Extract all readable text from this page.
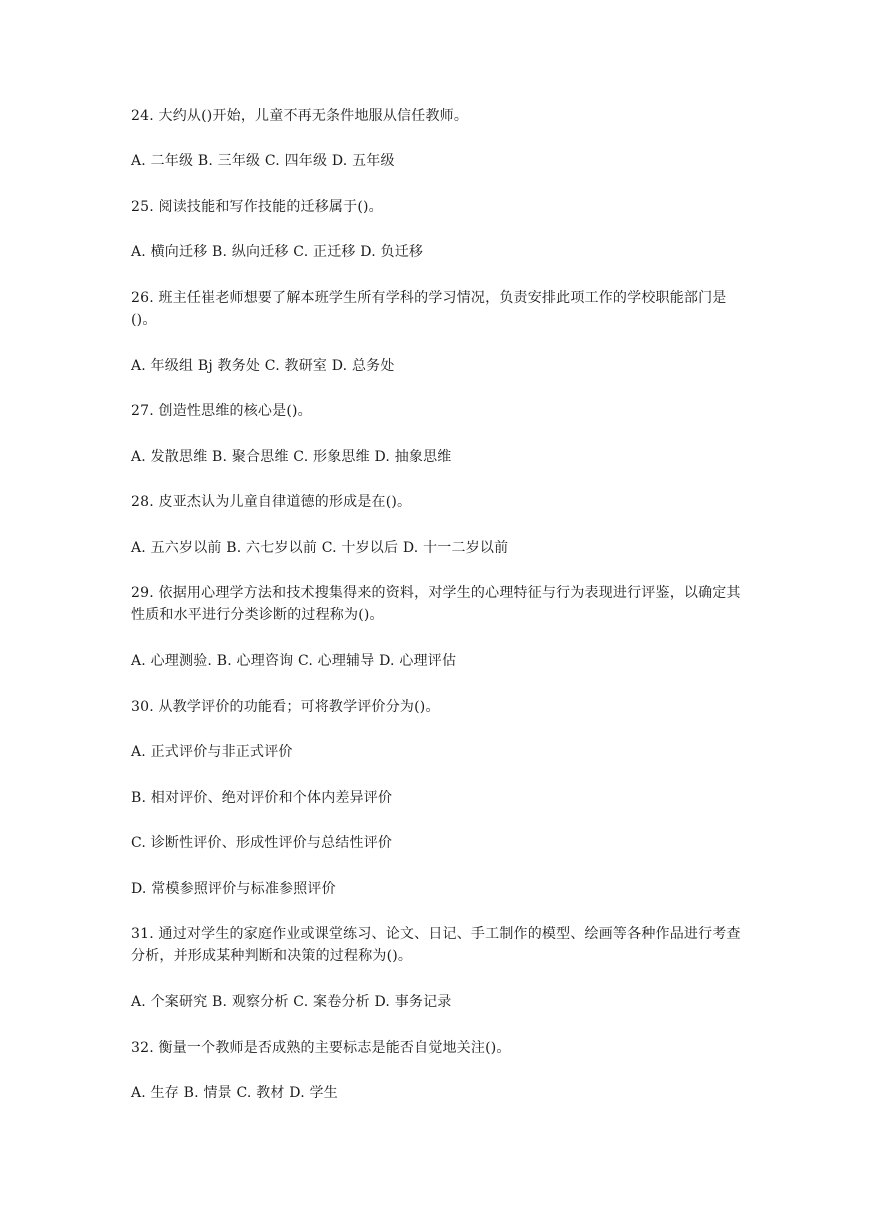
24. 大约从()开始，儿童不再无条件地服从信任教师。
A. 二年级 B. 三年级 C. 四年级 D. 五年级
25. 阅读技能和写作技能的迁移属于()。
A. 横向迁移 B. 纵向迁移 C. 正迁移 D. 负迁移
26. 班主任崔老师想要了解本班学生所有学科的学习情况，负责安排此项工作的学校职能部门是()。
A. 年级组 Bj 教务处 C. 教研室 D. 总务处
27. 创造性思维的核心是()。
A. 发散思维 B. 聚合思维 C. 形象思维 D. 抽象思维
28. 皮亚杰认为儿童自律道德的形成是在()。
A. 五六岁以前 B. 六七岁以前 C. 十岁以后 D. 十一二岁以前
29. 依据用心理学方法和技术搜集得来的资料，对学生的心理特征与行为表现进行评鉴，以确定其性质和水平进行分类诊断的过程称为()。
A. 心理测验. B. 心理咨询 C. 心理辅导 D. 心理评估
30. 从教学评价的功能看；可将教学评价分为()。
A. 正式评价与非正式评价
B. 相对评价、绝对评价和个体内差异评价
C. 诊断性评价、形成性评价与总结性评价
D. 常模参照评价与标准参照评价
31. 通过对学生的家庭作业或课堂练习、论文、日记、手工制作的模型、绘画等各种作品进行考查分析，并形成某种判断和决策的过程称为()。
A. 个案研究 B. 观察分析 C. 案卷分析 D. 事务记录
32. 衡量一个教师是否成熟的主要标志是能否自觉地关注()。
A. 生存 B. 情景 C. 教材 D. 学生
